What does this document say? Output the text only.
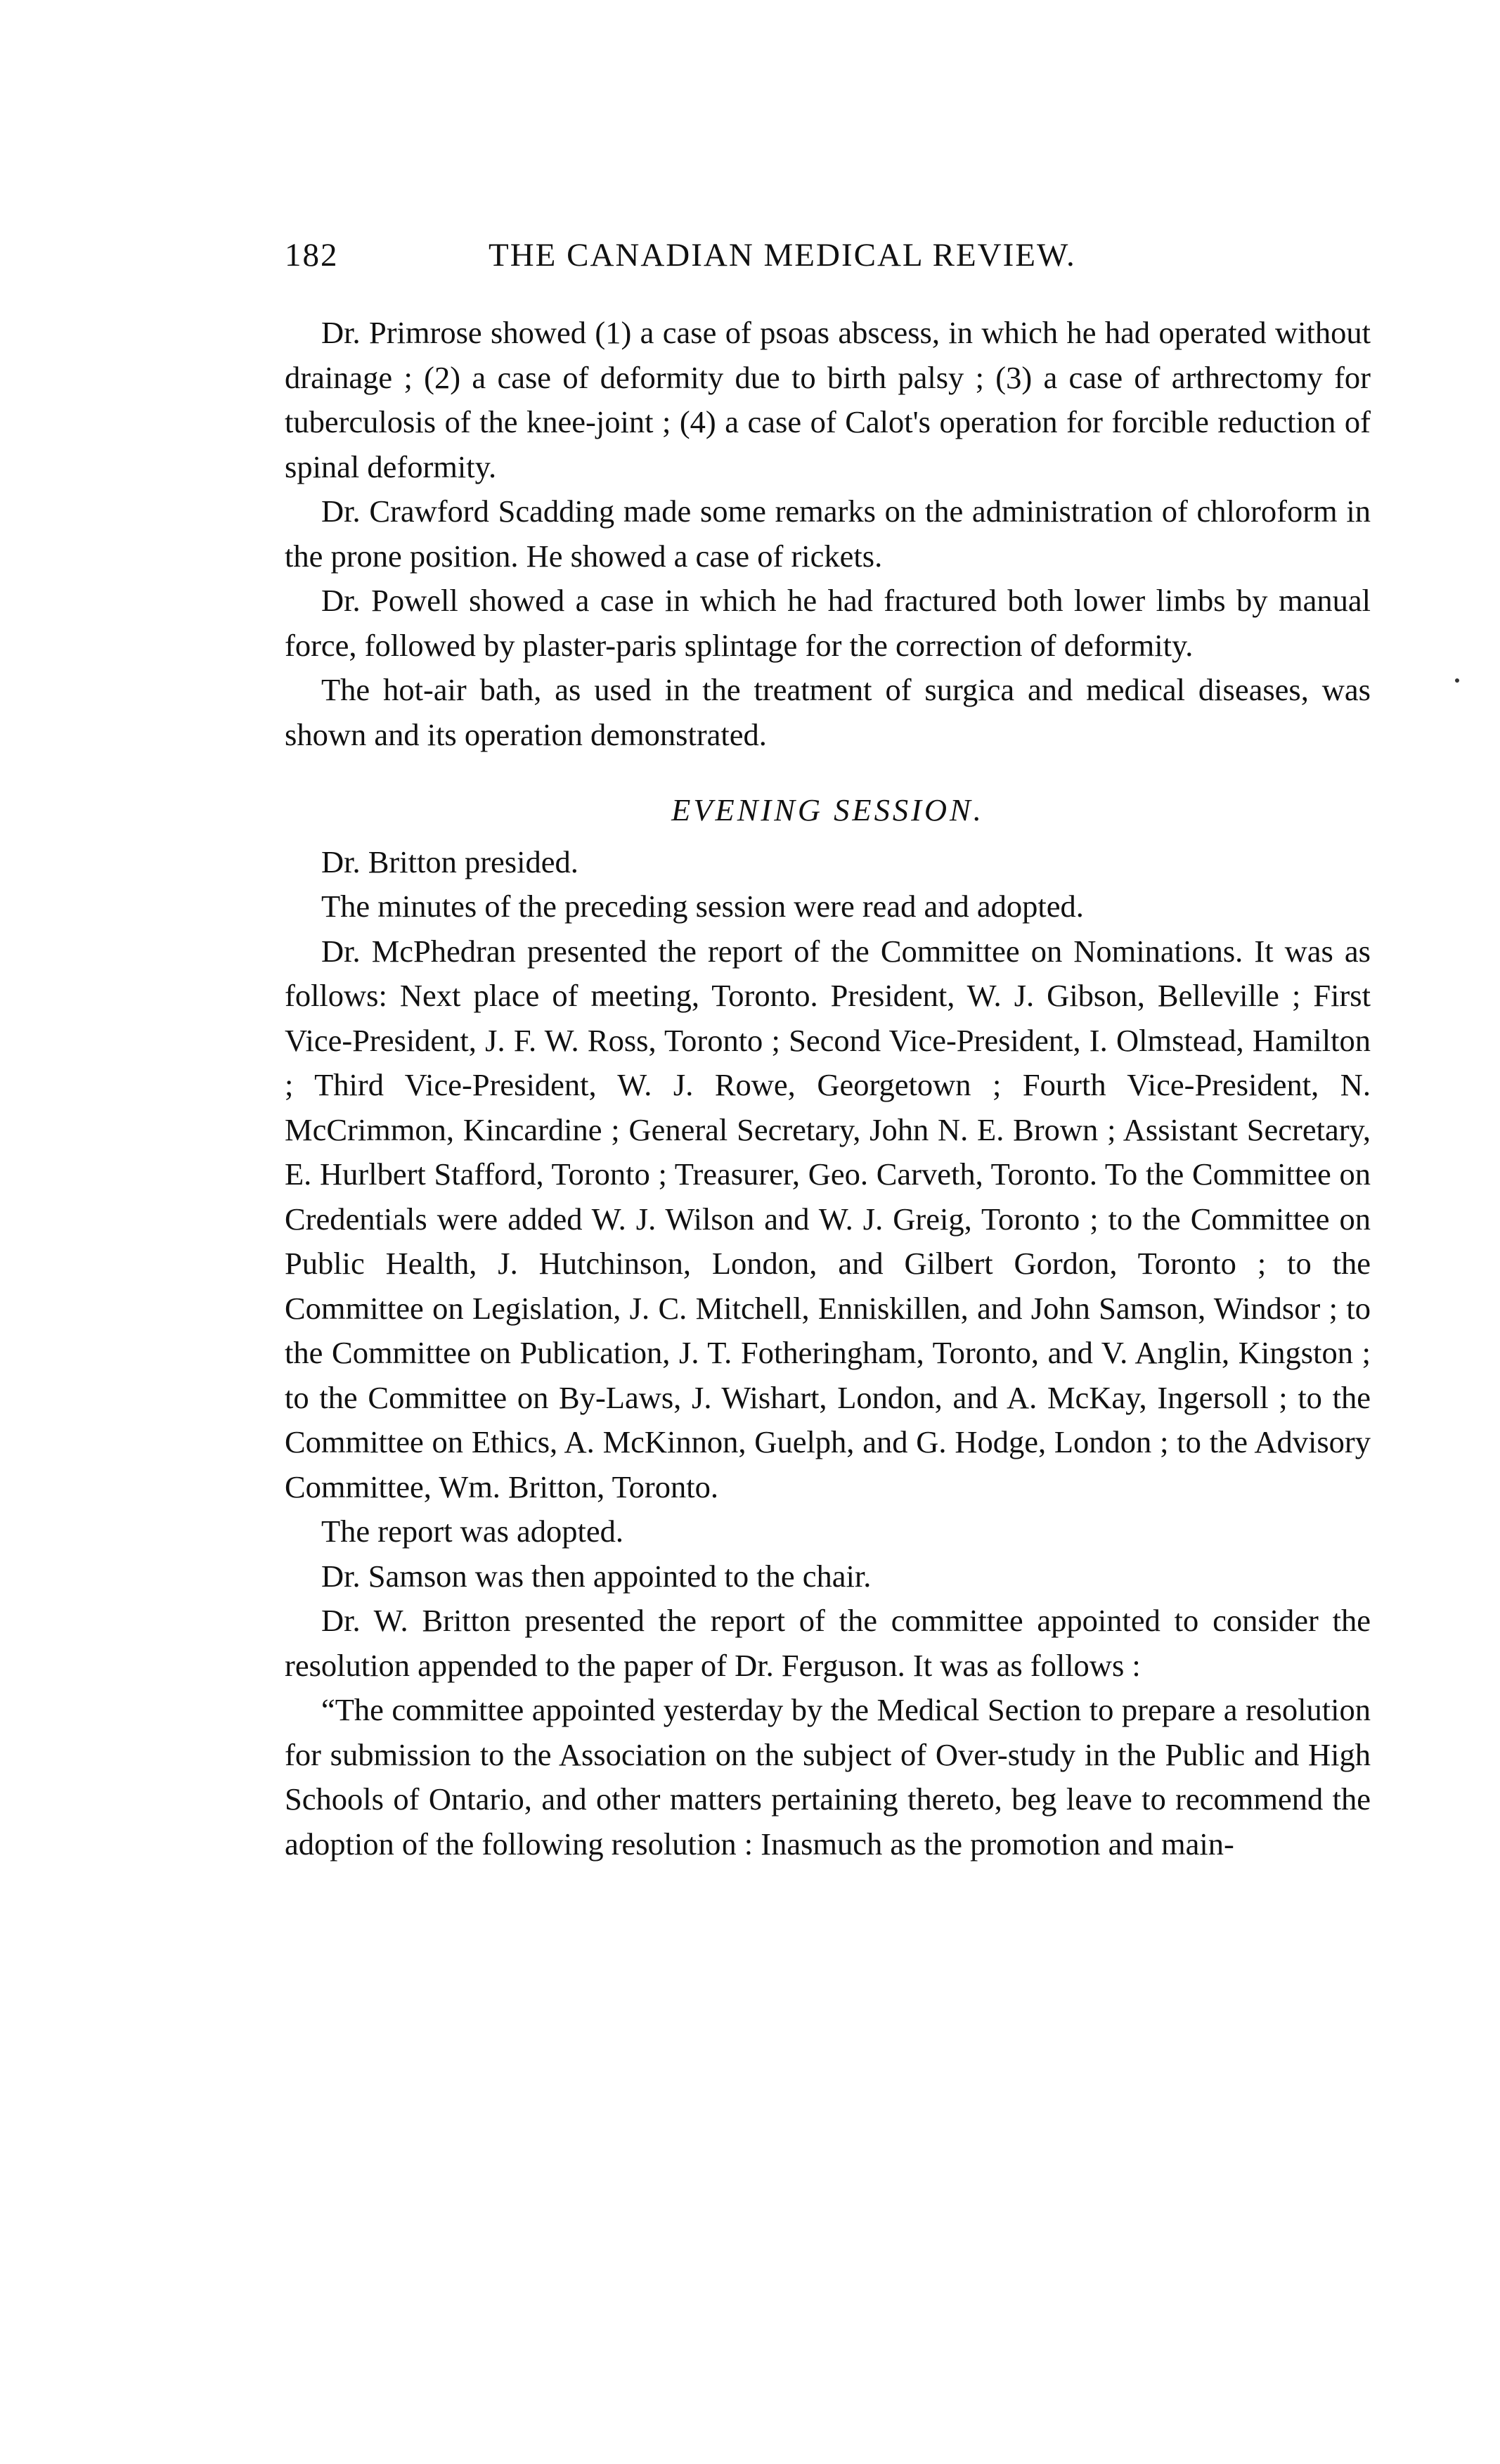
182	THE CANADIAN MEDICAL REVIEW.

Dr. Primrose showed (1) a case of psoas abscess, in which he had operated without drainage ; (2) a case of deformity due to birth palsy ; (3) a case of arthrectomy for tuberculosis of the knee-joint ; (4) a case of Calot's operation for forcible reduction of spinal deformity.

Dr. Crawford Scadding made some remarks on the administration of chloroform in the prone position. He showed a case of rickets.

Dr. Powell showed a case in which he had fractured both lower limbs by manual force, followed by plaster-paris splintage for the correction of deformity.

The hot-air bath, as used in the treatment of surgica and medical diseases, was shown and its operation demonstrated.

EVENING SESSION.

Dr. Britton presided.

The minutes of the preceding session were read and adopted.

Dr. McPhedran presented the report of the Committee on Nominations. It was as follows: Next place of meeting, Toronto. President, W. J. Gibson, Belleville ; First Vice-President, J. F. W. Ross, Toronto ; Second Vice-President, I. Olmstead, Hamilton ; Third Vice-President, W. J. Rowe, Georgetown ; Fourth Vice-President, N. McCrimmon, Kincardine ; General Secretary, John N. E. Brown ; Assistant Secretary, E. Hurlbert Stafford, Toronto ; Treasurer, Geo. Carveth, Toronto. To the Committee on Credentials were added W. J. Wilson and W. J. Greig, Toronto ; to the Committee on Public Health, J. Hutchinson, London, and Gilbert Gordon, Toronto ; to the Committee on Legislation, J. C. Mitchell, Enniskillen, and John Samson, Windsor ; to the Committee on Publication, J. T. Fotheringham, Toronto, and V. Anglin, Kingston ; to the Committee on By-Laws, J. Wishart, London, and A. McKay, Ingersoll ; to the Committee on Ethics, A. McKinnon, Guelph, and G. Hodge, London ; to the Advisory Committee, Wm. Britton, Toronto.

The report was adopted.

Dr. Samson was then appointed to the chair.

Dr. W. Britton presented the report of the committee appointed to consider the resolution appended to the paper of Dr. Ferguson. It was as follows :

“The committee appointed yesterday by the Medical Section to prepare a resolution for submission to the Association on the subject of Over-study in the Public and High Schools of Ontario, and other matters pertaining thereto, beg leave to recommend the adoption of the following resolution : Inasmuch as the promotion and main-
